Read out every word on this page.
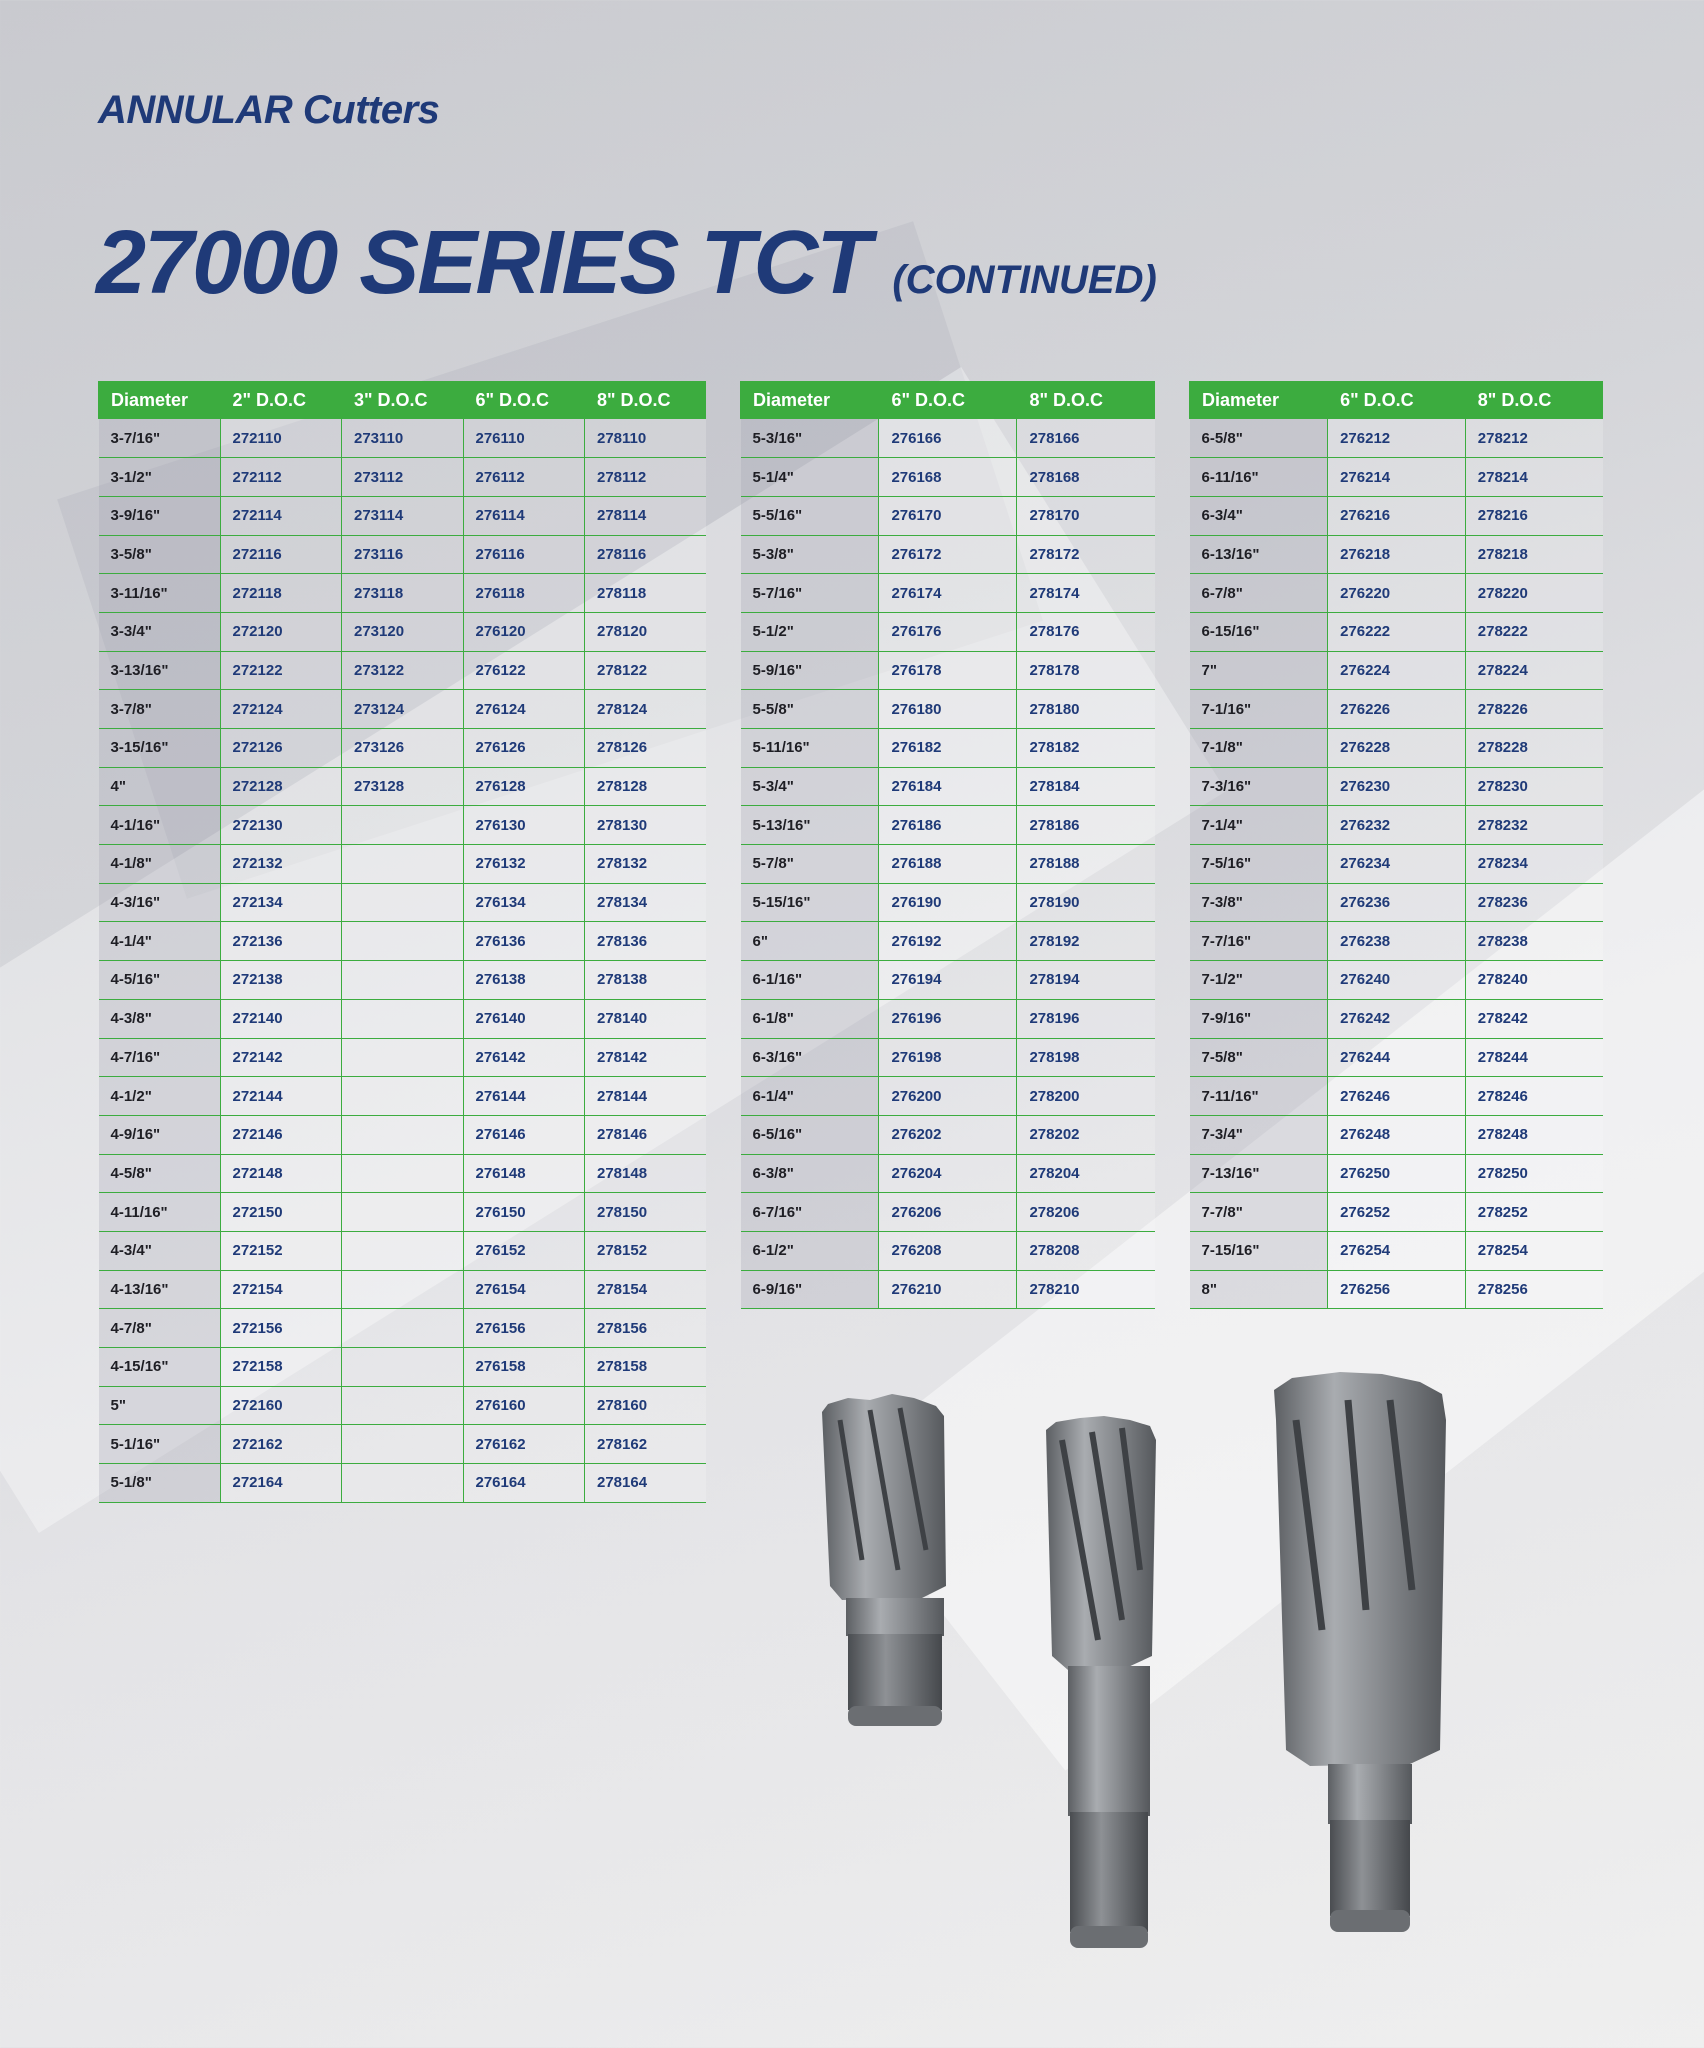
ANNULAR Cutters
27000 SERIES TCT (CONTINUED)
Diameter	2" D.O.C	3" D.O.C	6" D.O.C	8" D.O.C
3-7/16"	272110	273110	276110	278110
3-1/2"	272112	273112	276112	278112
3-9/16"	272114	273114	276114	278114
3-5/8"	272116	273116	276116	278116
3-11/16"	272118	273118	276118	278118
3-3/4"	272120	273120	276120	278120
3-13/16"	272122	273122	276122	278122
3-7/8"	272124	273124	276124	278124
3-15/16"	272126	273126	276126	278126
4"	272128	273128	276128	278128
4-1/16"	272130		276130	278130
4-1/8"	272132		276132	278132
4-3/16"	272134		276134	278134
4-1/4"	272136		276136	278136
4-5/16"	272138		276138	278138
4-3/8"	272140		276140	278140
4-7/16"	272142		276142	278142
4-1/2"	272144		276144	278144
4-9/16"	272146		276146	278146
4-5/8"	272148		276148	278148
4-11/16"	272150		276150	278150
4-3/4"	272152		276152	278152
4-13/16"	272154		276154	278154
4-7/8"	272156		276156	278156
4-15/16"	272158		276158	278158
5"	272160		276160	278160
5-1/16"	272162		276162	278162
5-1/8"	272164		276164	278164
Diameter	6" D.O.C	8" D.O.C
5-3/16"	276166	278166
5-1/4"	276168	278168
5-5/16"	276170	278170
5-3/8"	276172	278172
5-7/16"	276174	278174
5-1/2"	276176	278176
5-9/16"	276178	278178
5-5/8"	276180	278180
5-11/16"	276182	278182
5-3/4"	276184	278184
5-13/16"	276186	278186
5-7/8"	276188	278188
5-15/16"	276190	278190
6"	276192	278192
6-1/16"	276194	278194
6-1/8"	276196	278196
6-3/16"	276198	278198
6-1/4"	276200	278200
6-5/16"	276202	278202
6-3/8"	276204	278204
6-7/16"	276206	278206
6-1/2"	276208	278208
6-9/16"	276210	278210
Diameter	6" D.O.C	8" D.O.C
6-5/8"	276212	278212
6-11/16"	276214	278214
6-3/4"	276216	278216
6-13/16"	276218	278218
6-7/8"	276220	278220
6-15/16"	276222	278222
7"	276224	278224
7-1/16"	276226	278226
7-1/8"	276228	278228
7-3/16"	276230	278230
7-1/4"	276232	278232
7-5/16"	276234	278234
7-3/8"	276236	278236
7-7/16"	276238	278238
7-1/2"	276240	278240
7-9/16"	276242	278242
7-5/8"	276244	278244
7-11/16"	276246	278246
7-3/4"	276248	278248
7-13/16"	276250	278250
7-7/8"	276252	278252
7-15/16"	276254	278254
8"	276256	278256
